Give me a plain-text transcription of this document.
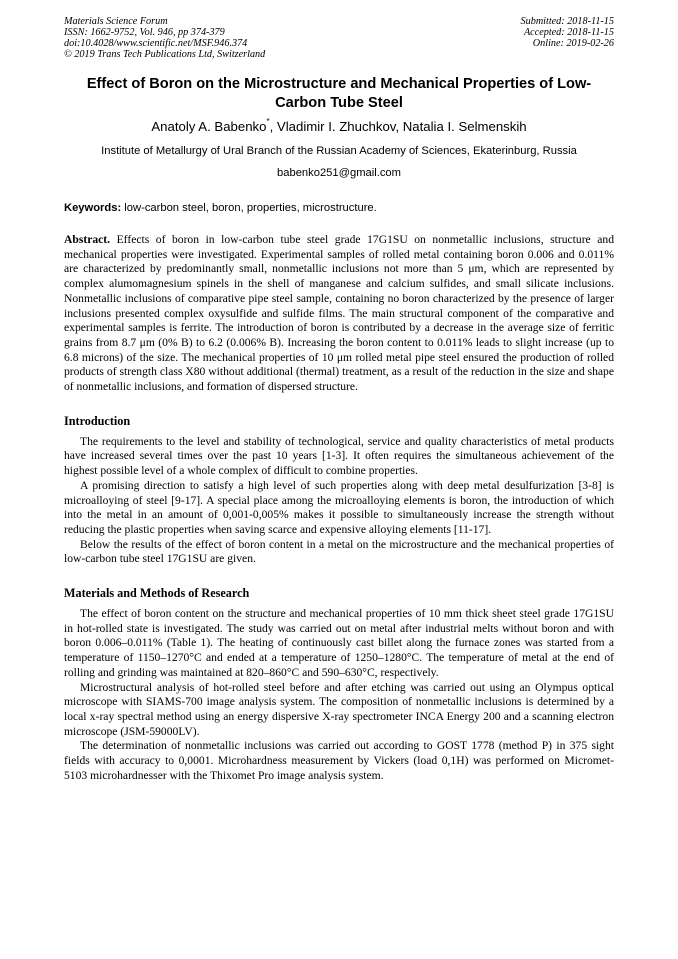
Materials Science Forum
ISSN: 1662-9752, Vol. 946, pp 374-379
doi:10.4028/www.scientific.net/MSF.946.374
© 2019 Trans Tech Publications Ltd, Switzerland
Submitted: 2018-11-15
Accepted: 2018-11-15
Online: 2019-02-26
Effect of Boron on the Microstructure and Mechanical Properties of Low-Carbon Tube Steel
Anatoly A. Babenko*, Vladimir I. Zhuchkov, Natalia I. Selmenskih
Institute of Metallurgy of Ural Branch of the Russian Academy of Sciences, Ekaterinburg, Russia
babenko251@gmail.com
Keywords: low-carbon steel, boron, properties, microstructure.
Abstract. Effects of boron in low-carbon tube steel grade 17G1SU on nonmetallic inclusions, structure and mechanical properties were investigated. Experimental samples of rolled metal containing boron 0.006 and 0.011% are characterized by predominantly small, nonmetallic inclusions not more than 5 μm, which are represented by complex alumomagnesium spinels in the shell of manganese and calcium sulfides, and small silicate inclusions. Nonmetallic inclusions of comparative pipe steel sample, containing no boron characterized by the presence of larger inclusions presented complex oxysulfide and sulfide films. The main structural component of the comparative and experimental samples is ferrite. The introduction of boron is contributed by a decrease in the average size of ferritic grains from 8.7 μm (0% B) to 6.2 (0.006% B). Increasing the boron content to 0.011% leads to slight increase (up to 6.8 microns) of the size. The mechanical properties of 10 μm rolled metal pipe steel ensured the production of rolled products of strength class X80 without additional (thermal) treatment, as a result of the reduction in the size and shape of nonmetallic inclusions, and formation of dispersed structure.
Introduction

The requirements to the level and stability of technological, service and quality characteristics of metal products have increased several times over the past 10 years [1-3]. It often requires the simultaneous achievement of the highest possible level of a whole complex of difficult to combine properties.

A promising direction to satisfy a high level of such properties along with deep metal desulfurization [3-8] is microalloying of steel [9-17]. A special place among the microalloying elements is boron, the introduction of which into the metal in an amount of 0,001-0,005% makes it possible to simultaneously increase the strength without reducing the plastic properties when saving scarce and expensive alloying elements [11-17].

Below the results of the effect of boron content in a metal on the microstructure and the mechanical properties of low-carbon tube steel 17G1SU are given.

Materials and Methods of Research

The effect of boron content on the structure and mechanical properties of 10 mm thick sheet steel grade 17G1SU in hot-rolled state is investigated. The study was carried out on metal after industrial melts without boron and with boron 0.006–0.011% (Table 1). The heating of continuously cast billet along the furnace zones was started from a temperature of 1150–1270°C and ended at a temperature of 1250–1280°C. The temperature of metal at the end of rolling and grinding was maintained at 820–860°C and 590–630°C, respectively.

Microstructural analysis of hot-rolled steel before and after etching was carried out using an Olympus optical microscope with SIAMS-700 image analysis system. The composition of nonmetallic inclusions is determined by a local x-ray spectral method using an energy dispersive X-ray spectrometer INCA Energy 200 and a scanning electron microscope (JSM-59000LV).

The determination of nonmetallic inclusions was carried out according to GOST 1778 (method P) in 375 sight fields with accuracy to 0,0001. Microhardness measurement by Vickers (load 0,1H) was performed on Micromet-5103 microhardnesser with the Thixomet Pro image analysis system.
